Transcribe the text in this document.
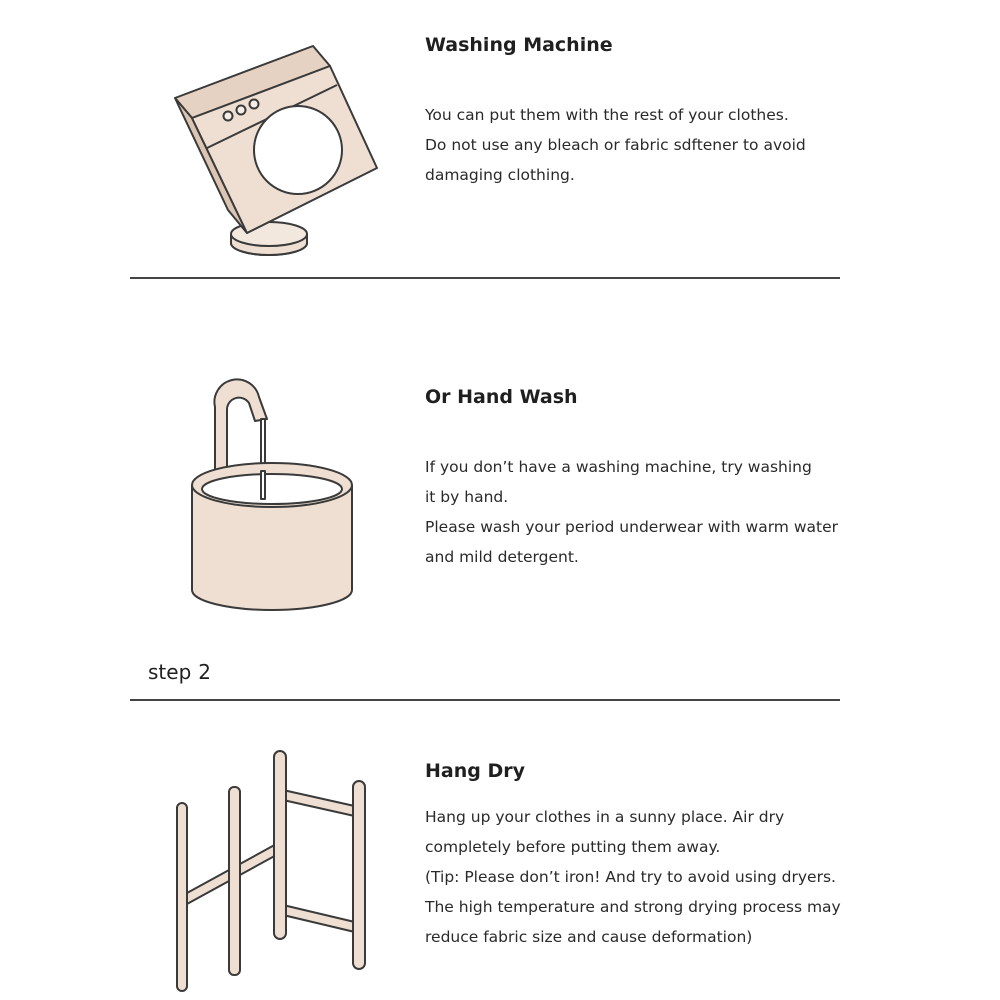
Washing Machine

You can put them with the rest of your clothes.
Do not use any bleach or fabric sdftener to avoid
damaging clothing.

Or Hand Wash

If you don’t have a washing machine, try washing
it by hand.
Please wash your period underwear with warm water
and mild detergent.

step 2

Hang Dry

Hang up your clothes in a sunny place. Air dry
completely before putting them away.
(Tip: Please don’t iron! And try to avoid using dryers.
The high temperature and strong drying process may
reduce fabric size and cause deformation)
